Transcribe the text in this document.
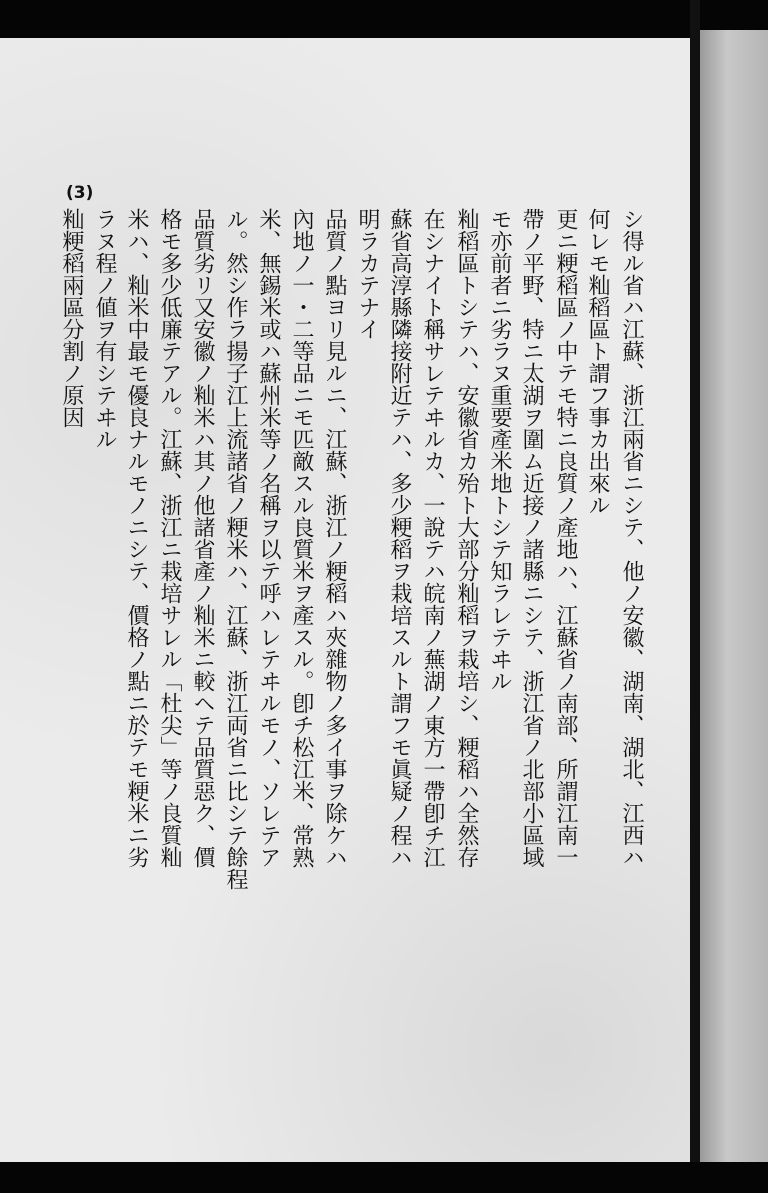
(3)
シ得ル省ハ江蘇、浙江兩省ニシテ、他ノ安徽、湖南、湖北、江西ハ
何レモ籼稻區ト謂フ事カ出來ル
更ニ粳稻區ノ中テモ特ニ良質ノ產地ハ、江蘇省ノ南部、所謂江南一
帶ノ平野、特ニ太湖ヲ圍ム近接ノ諸縣ニシテ、浙江省ノ北部小區域
モ亦前者ニ劣ラヌ重要產米地トシテ知ラレテヰル
籼稻區トシテハ、安徽省カ殆ト大部分籼稻ヲ栽培シ、粳稻ハ全然存
在シナイト稱サレテヰルカ、一說テハ皖南ノ蕪湖ノ東方一帶卽チ江
蘇省高淳縣隣接附近テハ、多少粳稻ヲ栽培スルト謂フモ眞疑ノ程ハ
明ラカテナイ
品質ノ點ヨリ見ルニ、江蘇、浙江ノ粳稻ハ夾雜物ノ多イ事ヲ除ケハ
內地ノ一・二等品ニモ匹敵スル良質米ヲ產スル。卽チ松江米、常熟
米、無錫米或ハ蘇州米等ノ名稱ヲ以テ呼ハレテヰルモノ、ソレテア
ル。然シ作ラ揚子江上流諸省ノ粳米ハ、江蘇、浙江両省ニ比シテ餘程
品質劣リ又安徽ノ籼米ハ其ノ他諸省產ノ籼米ニ較ヘテ品質惡ク、價
格モ多少低廉テアル。江蘇、浙江ニ栽培サレル「杜尖」等ノ良質籼
米ハ、籼米中最モ優良ナルモノニシテ、價格ノ點ニ於テモ粳米ニ劣
ラヌ程ノ値ヲ有シテヰル
籼粳稻兩區分割ノ原因
